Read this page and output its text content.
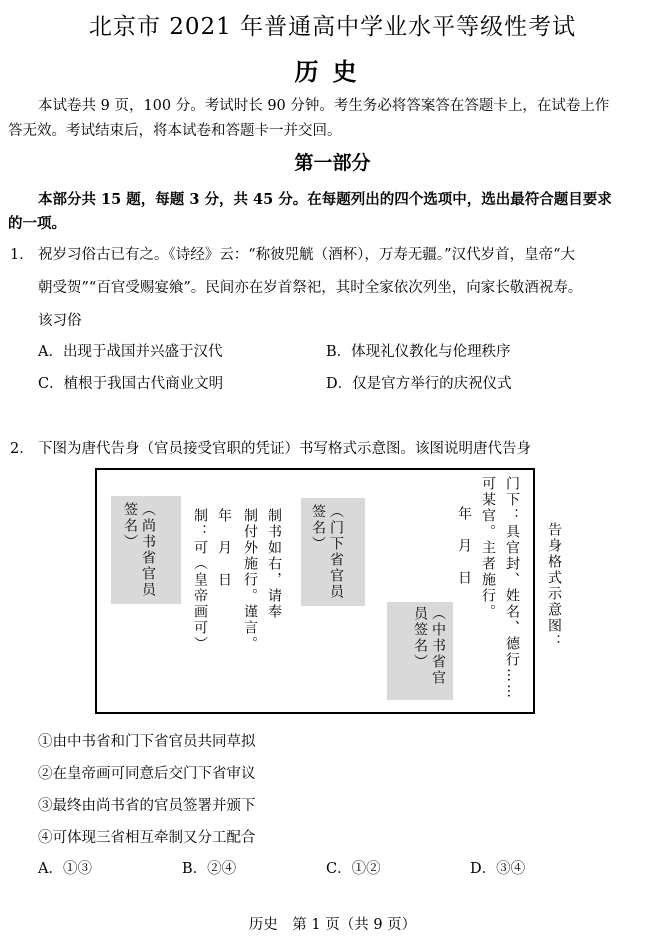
北京市 2021 年普通高中学业水平等级性考试
历史
本试卷共 9 页，100 分。考试时长 90 分钟。考生务必将答案答在答题卡上，在试卷上作
答无效。考试结束后，将本试卷和答题卡一并交回。
第一部分
本部分共 15 题，每题 3 分，共 45 分。在每题列出的四个选项中，选出最符合题目要求
的一项。
1． 祝岁习俗古已有之。《诗经》云：“称彼兕觥（酒杯），万寿无疆。”汉代岁首，皇帝“大
朝受贺”“百官受赐宴飨”。民间亦在岁首祭祀，其时全家依次列坐，向家长敬酒祝寿。
该习俗
A．出现于战国并兴盛于汉代	B．体现礼仪教化与伦理秩序
C．植根于我国古代商业文明	D．仅是官方举行的庆祝仪式
2． 下图为唐代告身（官员接受官职的凭证）书写格式示意图。该图说明唐代告身
门下：具官封、姓名、德行……
可某官。主者施行。
年　月　日
（中书省官员签名）
（门下省官员签名）
制书如右，请奉
制付外施行。谨言。
年　月　日
制：可（皇帝画可）
（尚书省官员签名）	告身格式示意图：
①由中书省和门下省官员共同草拟
②在皇帝画可同意后交门下省审议
③最终由尚书省的官员签署并颁下
④可体现三省相互牵制又分工配合
A．①③	B．②④	C．①②	D．③④
历史　第 1 页（共 9 页）
